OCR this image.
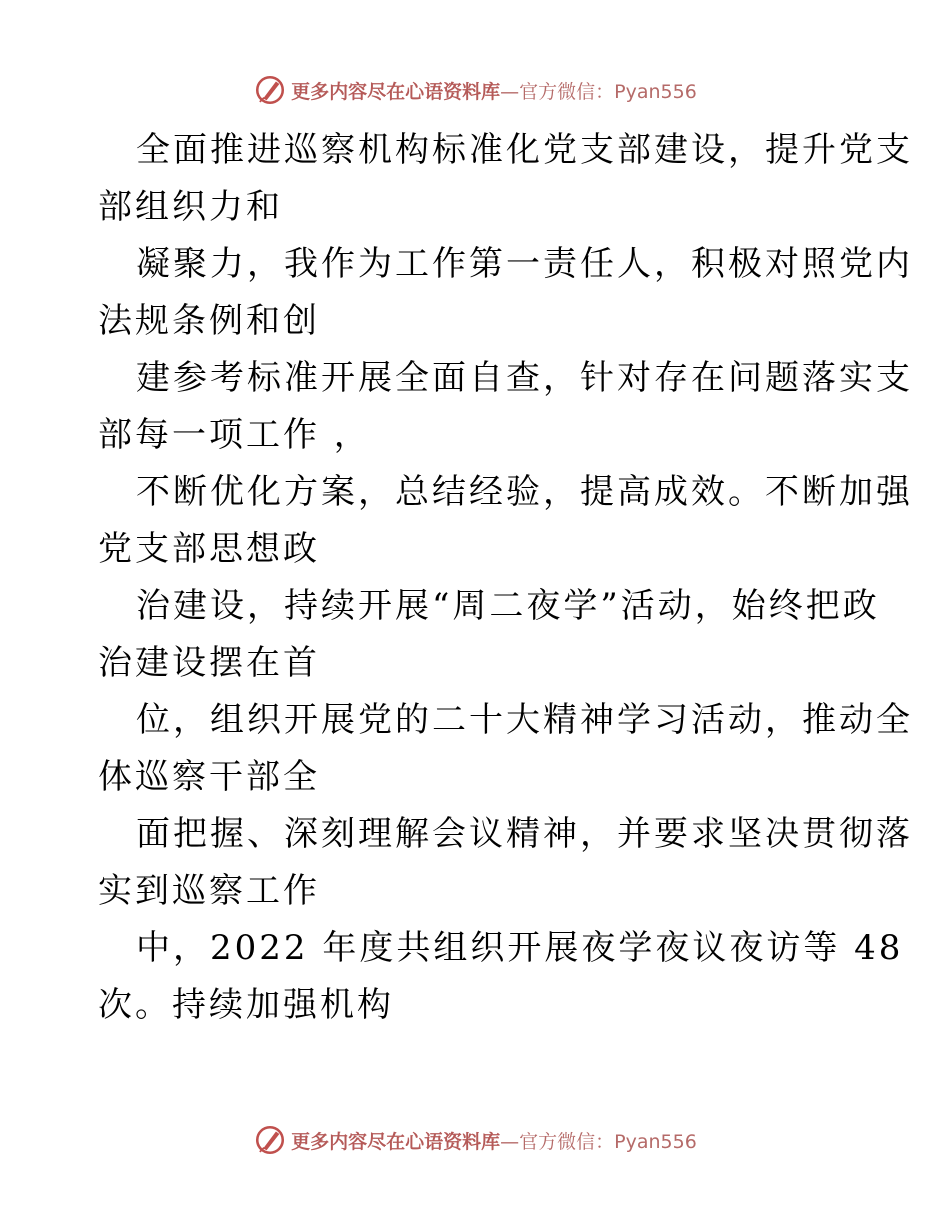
更多内容尽在心语资料库—官方微信：Pyan556

全面推进巡察机构标准化党支部建设，提升党支
部组织力和

凝聚力，我作为工作第一责任人，积极对照党内
法规条例和创

建参考标准开展全面自查，针对存在问题落实支
部每一项工作 ，

不断优化方案，总结经验，提高成效。不断加强
党支部思想政

治建设，持续开展“周二夜学”活动，始终把政
治建设摆在首

位，组织开展党的二十大精神学习活动，推动全
体巡察干部全

面把握、深刻理解会议精神，并要求坚决贯彻落
实到巡察工作

中，2022 年度共组织开展夜学夜议夜访等 48
次。持续加强机构

更多内容尽在心语资料库—官方微信：Pyan556
